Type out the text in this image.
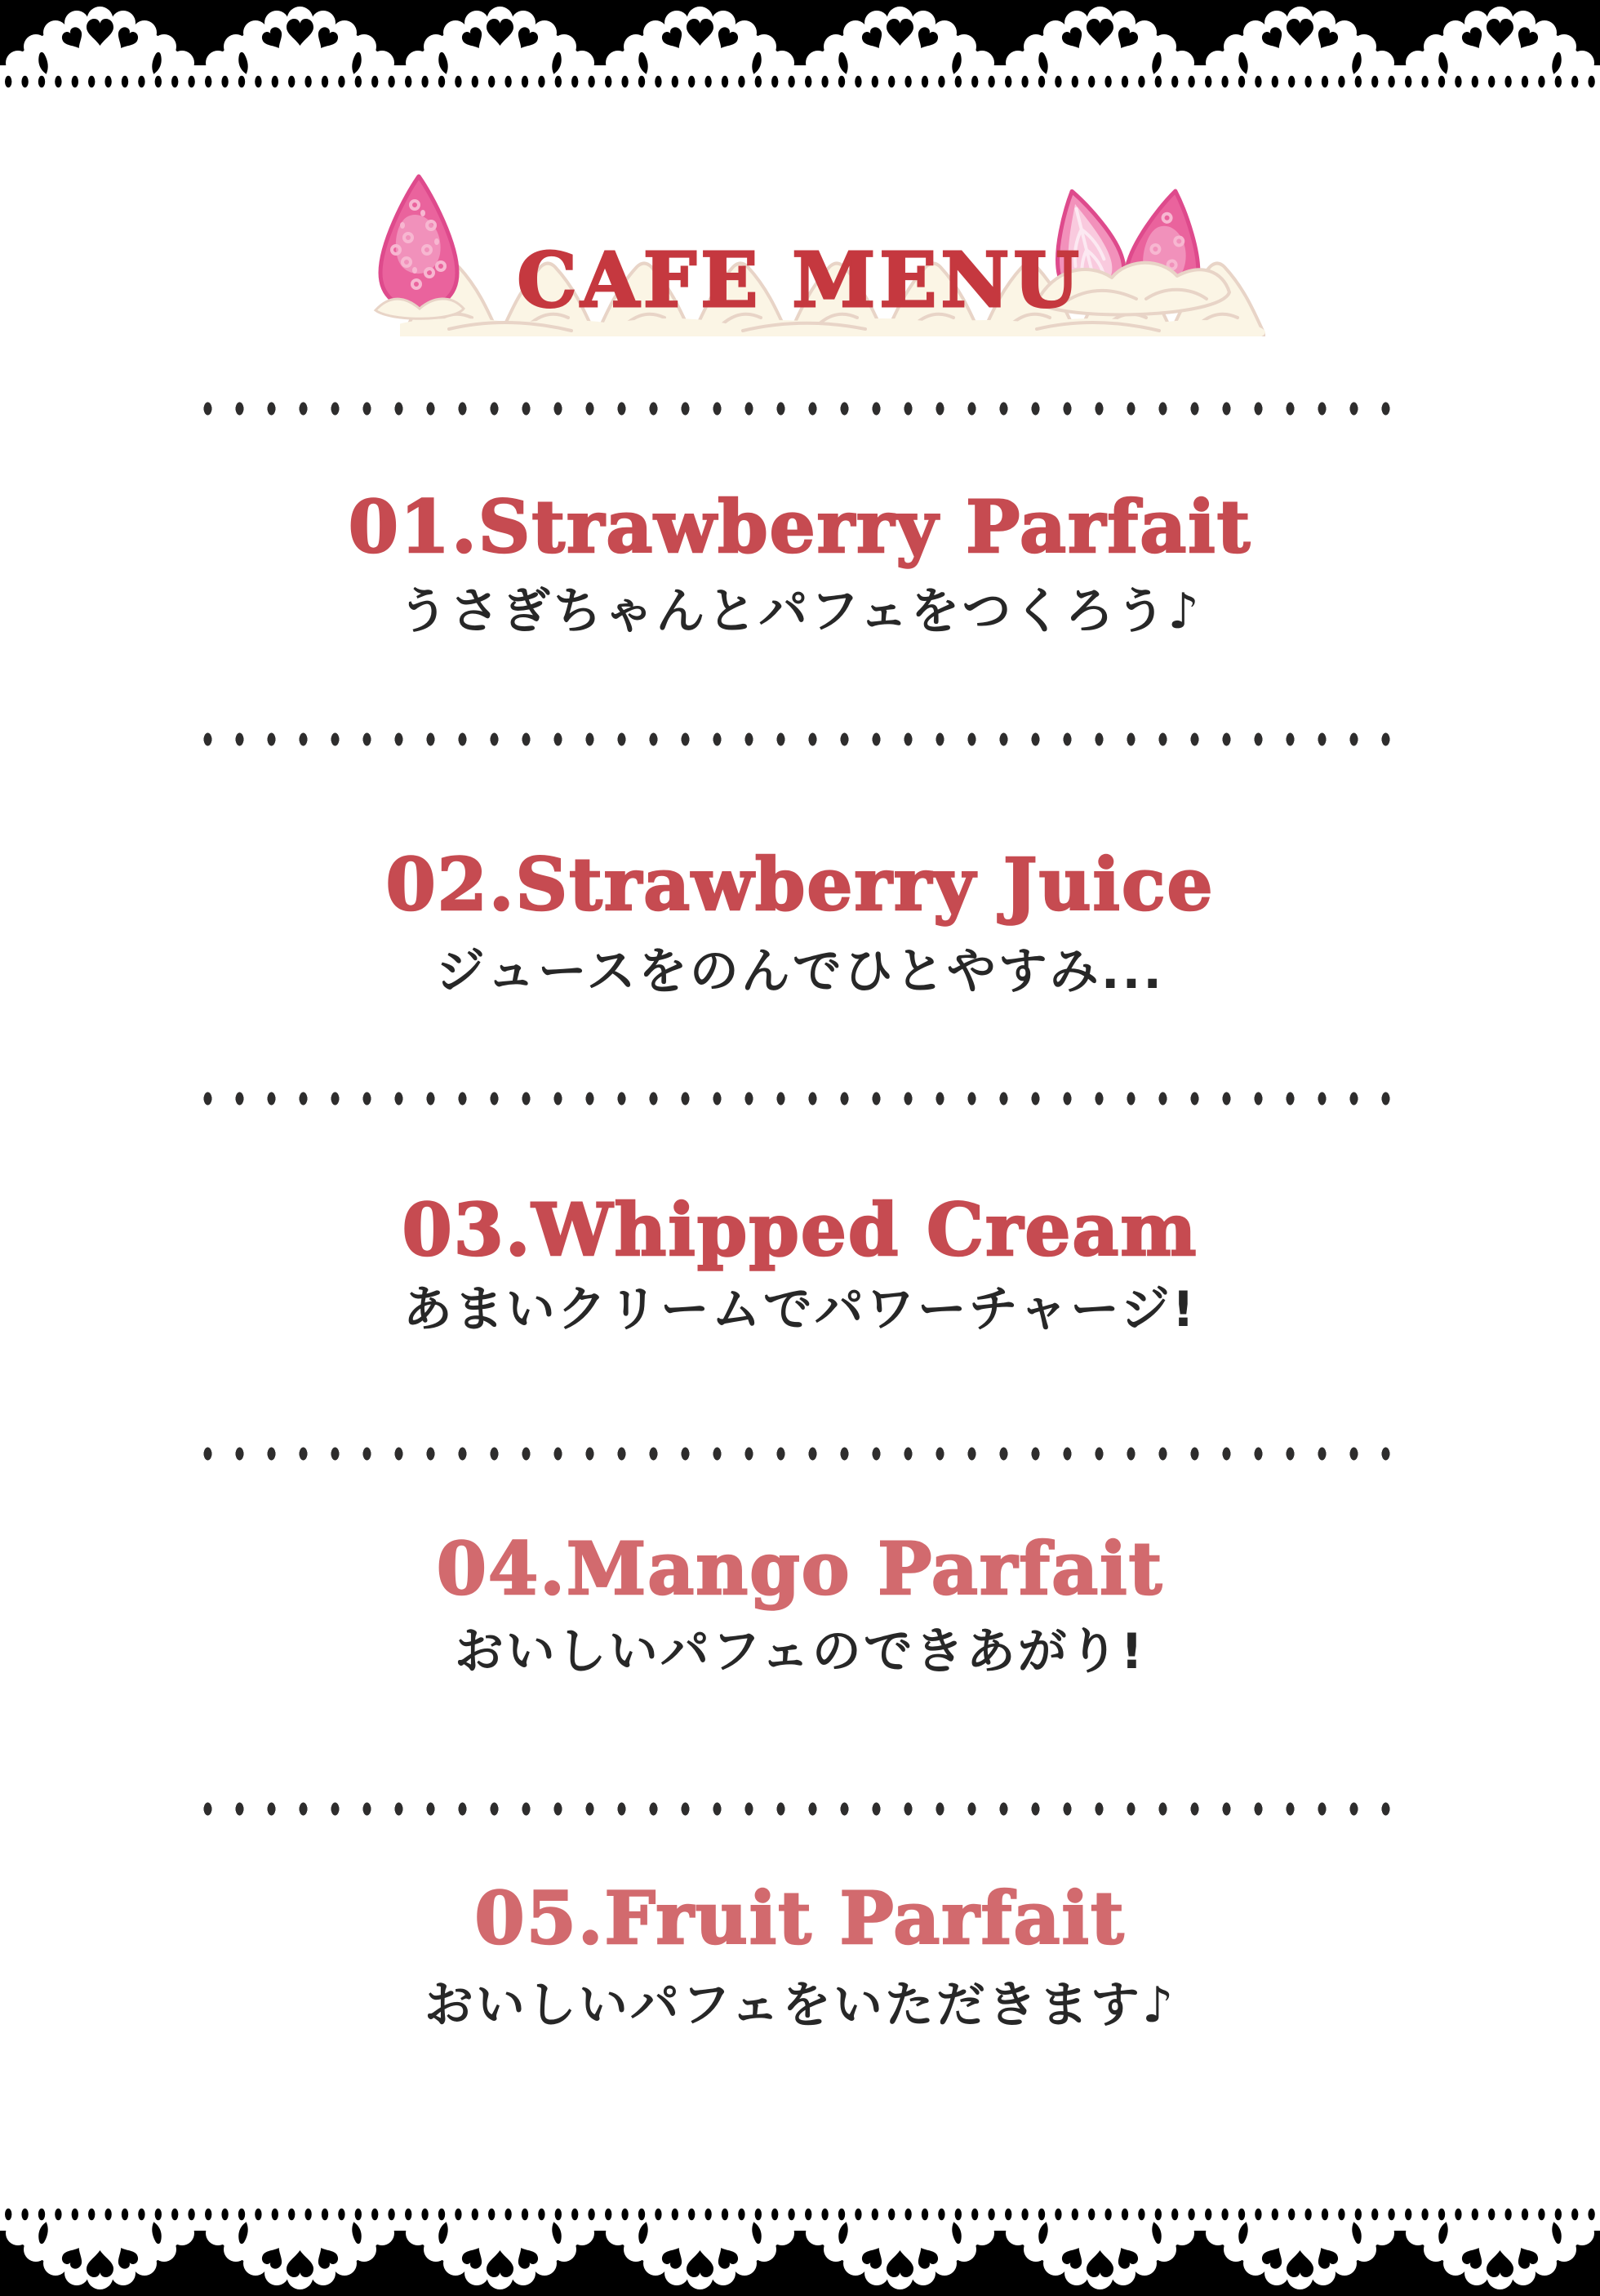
CAFE MENU

01.Strawberry Parfait

うさぎちゃんとパフェをつくろう♪

02.Strawberry Juice

ジュースをのんでひとやすみ...

03.Whipped Cream

あまいクリームでパワーチャージ!

04.Mango Parfait

おいしいパフェのできあがり!

05.Fruit Parfait

おいしいパフェをいただきます♪
